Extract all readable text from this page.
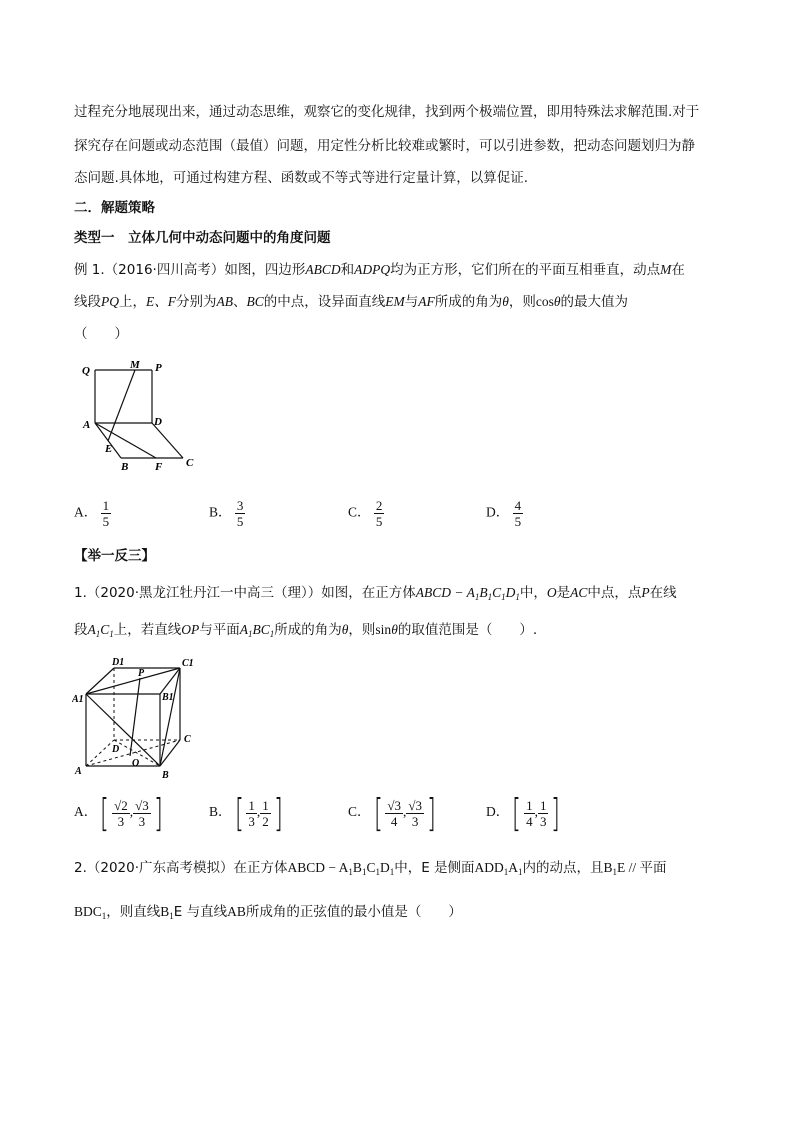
过程充分地展现出来，通过动态思维，观察它的变化规律，找到两个极端位置，即用特殊法求解范围.对于
探究存在问题或动态范围（最值）问题，用定性分析比较难或繁时，可以引进参数，把动态问题划归为静
态问题.具体地，可通过构建方程、函数或不等式等进行定量计算，以算促证.
二．解题策略
类型一　立体几何中动态问题中的角度问题
例 1.（2016·四川高考）如图，四边形ABCD和ADPQ均为正方形，它们所在的平面互相垂直，动点M在
线段PQ上，E、F分别为AB、BC的中点，设异面直线EM与AF所成的角为θ，则cosθ的最大值为
（　　）
Q	M P
A	D
E
B F C
A． $\frac{1}{5}$	B． $\frac{3}{5}$	C． $\frac{2}{5}$	D． $\frac{4}{5}$
【举一反三】
1.（2020·黑龙江牡丹江一中高三（理））如图，在正方体ABCD − $A_1B_1C_1D_1$中，O是AC中点，点P在线
段$A_1C_1$上，若直线OP与平面$A_1BC_1$所成的角为θ，则sinθ的取值范围是（　　）.
D1
P
C1
A1	B1
C
D
O
A	B
A．[ $\frac{√2}{3}$ , $\frac{√3}{3}$ ]	B．[ $\frac{1}{3}$ , $\frac{1}{2}$ ]	C．[ $\frac{√3}{4}$ , $\frac{√3}{3}$ ]	D．[ $\frac{1}{4}$ , $\frac{1}{3}$ ]
2.（2020·广东高考模拟）在正方体ABCD − $A_1B_1C_1D_1$中，E 是侧面$ADD_1A_1$内的动点，且$B_1E$ // 平面
$BDC_1$，则直线$B_1E$ 与直线AB所成角的正弦值的最小值是（　　）
